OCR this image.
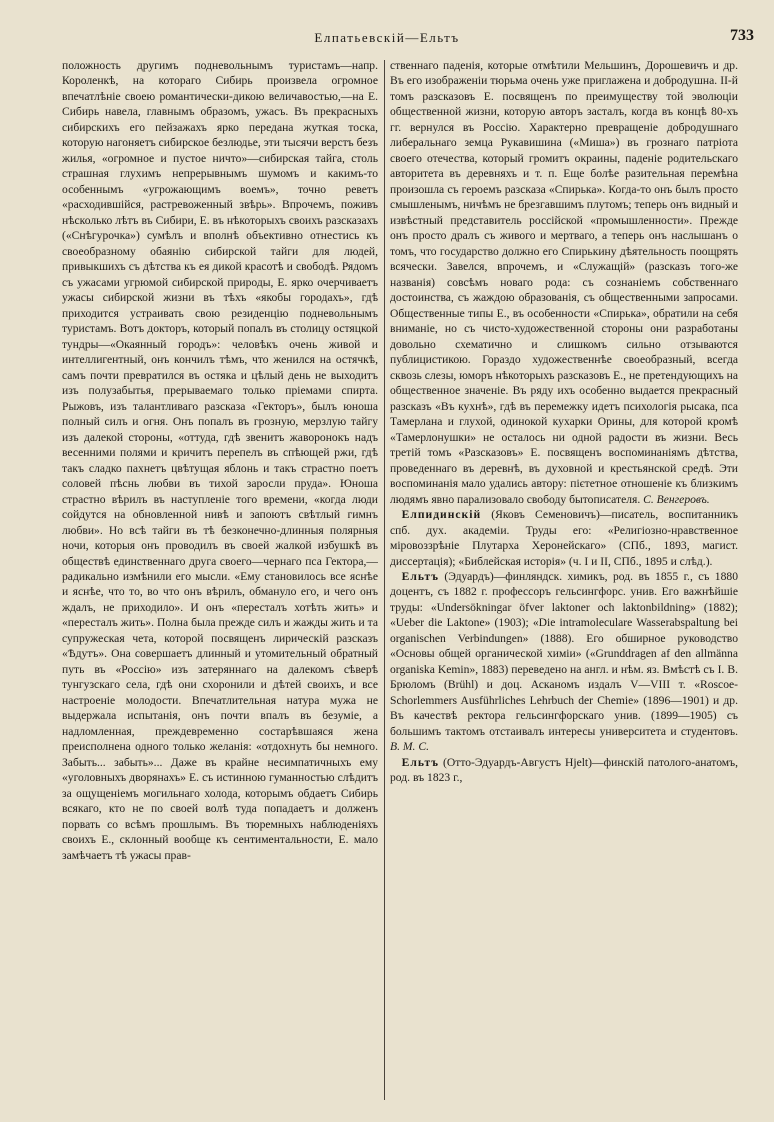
Елпатьевскій—Ельтъ	733

положность другимъ подневольнымъ туристамъ—напр. Короленкѣ, на котораго Сибирь произвела огромное впечатлѣніе своею романтически-дикою величавостью,—на Е. Сибирь навела, главнымъ образомъ, ужасъ. Въ прекрасныхъ сибирскихъ его пейзажахъ ярко передана жуткая тоска, которую нагоняетъ сибирское безлюдье, эти тысячи верстъ безъ жилья, «огромное и пустое ничто»—сибирская тайга, столь страшная глухимъ непрерывнымъ шумомъ и какимъ-то особеннымъ «угрожающимъ воемъ», точно реветъ «расходившійся, растревоженный звѣрь». Впрочемъ, поживъ нѣсколько лѣтъ въ Сибири, Е. въ нѣкоторыхъ своихъ разсказахъ («Снѣгурочка») сумѣлъ и вполнѣ объективно отнестись къ своеобразному обаянію сибирской тайги для людей, привыкшихъ съ дѣтства къ ея дикой красотѣ и свободѣ. Рядомъ съ ужасами угрюмой сибирской природы, Е. ярко очерчиваетъ ужасы сибирской жизни въ тѣхъ «якобы городахъ», гдѣ приходится устраивать свою резиденцію подневольнымъ туристамъ. Вотъ докторъ, который попалъ въ столицу остяцкой тундры—«Окаянный городъ»: человѣкъ очень живой и интеллигентный, онъ кончилъ тѣмъ, что женился на остячкѣ, самъ почти превратился въ остяка и цѣлый день не выходитъ изъ полузабытья, прерываемаго только пріемами спирта. Рыжовъ, изъ талантливаго разсказа «Гекторъ», былъ юноша полный силъ и огня. Онъ попалъ въ грозную, мерзлую тайгу изъ далекой стороны, «оттуда, гдѣ звенитъ жаворонокъ надъ весенними полями и кричитъ перепелъ въ спѣющей ржи, гдѣ такъ сладко пахнетъ цвѣтущая яблонь и такъ страстно поетъ соловей пѣснь любви въ тихой заросли пруда». Юноша страстно вѣрилъ въ наступленіе того времени, «когда люди сойдутся на обновленной нивѣ и запоютъ свѣтлый гимнъ любви». Но всѣ тайги въ тѣ безконечно-длинныя полярныя ночи, которыя онъ проводилъ въ своей жалкой избушкѣ въ обществѣ единственнаго друга своего—чернаго пса Гектора,—радикально измѣнили его мысли. «Ему становилось все яснѣе и яснѣе, что то, во что онъ вѣрилъ, обмануло его, и чего онъ ждалъ, не приходило». И онъ «пересталъ хотѣть жить» и «пересталъ жить». Полна была прежде силъ и жажды жить и та супружеская чета, которой посвященъ лирическій разсказъ «Ѣдутъ». Она совершаетъ длинный и утомительный обратный путь въ «Россію» изъ затеряннаго на далекомъ сѣверѣ тунгузскаго села, гдѣ они схоронили и дѣтей своихъ, и все настроеніе молодости. Впечатлительная натура мужа не выдержала испытанія, онъ почти впалъ въ безуміе, а надломленная, преждевременно состарѣвшаяся жена преисполнена одного только желанія: «отдохнуть бы немного. Забыть... забыть»... Даже въ крайне несимпатичныхъ ему «уголовныхъ дворянахъ» Е. съ истинною гуманностью слѣдитъ за ощущеніемъ могильнаго холода, которымъ обдаетъ Сибирь всякаго, кто не по своей волѣ туда попадаетъ и долженъ порвать со всѣмъ прошлымъ. Въ тюремныхъ наблюденіяхъ своихъ Е., склонный вообще къ сентиментальности, Е. мало замѣчаетъ тѣ ужасы прав-

ственнаго паденія, которые отмѣтили Мельшинъ, Дорошевичъ и др. Въ его изображеніи тюрьма очень уже приглажена и добродушна. II-й томъ разсказовъ Е. посвященъ по преимуществу той эволюціи общественной жизни, которую авторъ засталъ, когда въ концѣ 80-хъ гг. вернулся въ Россію. Характерно превращеніе добродушнаго либеральнаго земца Рукавишина («Миша») въ грознаго патріота своего отечества, который громитъ окраины, паденіе родительскаго авторитета въ деревняхъ и т. п. Еще болѣе разительная перемѣна произошла съ героемъ разсказа «Спирька». Когда-то онъ былъ просто смышленымъ, ничѣмъ не брезгавшимъ плутомъ; теперь онъ видный и извѣстный представитель россійской «промышленности». Прежде онъ просто дралъ съ живого и мертваго, а теперь онъ наслышанъ о томъ, что государство должно его Спирькину дѣятельность поощрять всячески. Завелся, впрочемъ, и «Служащій» (разсказъ того-же названія) совсѣмъ новаго рода: съ сознаніемъ собственнаго достоинства, съ жаждою образованія, съ общественными запросами. Общественные типы Е., въ особенности «Спирька», обратили на себя вниманіе, но съ чисто-художественной стороны они разработаны довольно схематично и слишкомъ сильно отзываются публицистикою. Гораздо художественнѣе своеобразный, всегда сквозь слезы, юморъ нѣкоторыхъ разсказовъ Е., не претендующихъ на общественное значеніе. Въ ряду ихъ особенно выдается прекрасный разсказъ «Въ кухнѣ», гдѣ въ перемежку идетъ психологія рысака, пса Тамерлана и глухой, одинокой кухарки Орины, для которой кромѣ «Тамерлонушки» не осталось ни одной радости въ жизни. Весь третій томъ «Разсказовъ» Е. посвященъ воспоминаніямъ дѣтства, проведеннаго въ деревнѣ, въ духовной и крестьянской средѣ. Эти воспоминанія мало удались автору: пієтетное отношеніе къ близкимъ людямъ явно парализовало свободу бытописателя. С. Венгеровъ.

 Елпидинскій (Яковъ Семеновичъ)—писатель, воспитанникъ спб. дух. академіи. Труды его: «Религіозно-нравственное міровоззрѣніе Плутарха Херонейскаго» (СПб., 1893, магист. диссертація); «Библейская исторія» (ч. I и II, СПб., 1895 и слѣд.).

 Ельтъ (Эдуардъ)—финляндск. химикъ, род. въ 1855 г., съ 1880 доцентъ, съ 1882 г. профессоръ гельсингфорс. унив. Его важнѣйшіе труды: «Undersökningar öfver laktoner och laktonbildning» (1882); «Ueber die Laktone» (1903); «Die intramoleculare Wasserabspaltung bei organischen Verbindungen» (1888). Его обширное руководство «Основы общей органической химіи» («Grunddragen af den allmänna organiska Kemin», 1883) переведено на англ. и нѣм. яз. Вмѣстѣ съ I. В. Брюломъ (Brühl) и доц. Асканомъ издалъ V—VIII т. «Roscoe-Schorlemmers Ausführliches Lehrbuch der Chemie» (1896—1901) и др. Въ качествѣ ректора гельсингфорскаго унив. (1899—1905) съ большимъ тактомъ отстаивалъ интересы университета и студентовъ. В. М. С.

 Ельтъ (Отто-Эдуардъ-Августъ Hjelt)—финскій патолого-анатомъ, род. въ 1823 г.,
